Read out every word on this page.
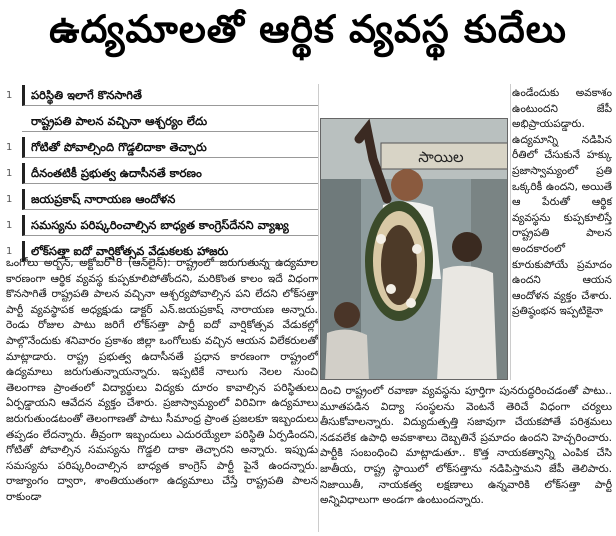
ఉద్యమాలతో ఆర్థిక వ్యవస్థ కుదేలు
1	పరిస్థితి ఇలాగే కొనసాగితే
రాష్ట్రపతి పాలన వచ్చినా ఆశ్చర్యం లేదు
1	గోటితో పోవాల్సింది గొడ్డలిదాకా తెచ్చారు
1	దీనంతటికీ ప్రభుత్వ ఉదాసీనతే కారణం
1	జయప్రకాష్ నారాయణ ఆందోళన
1	సమస్యను పరిష్కరించాల్సిన బాధ్యత కాంగ్రెస్‌దేనని వ్యాఖ్య
1	లోక్‌సత్తా ఐదో వార్షికోత్సవ వేడుకలకు హాజరు

ఒంగోలు అర్బన్, అక్టోబర్ 8 (ఆన్‌లైన్): రాష్ట్రంలో జరుగుతున్న ఉద్యమాల కారణంగా ఆర్థిక వ్యవస్థ కుప్పకూలిపోతోందని, మరికొంత కాలం ఇదే విధంగా కొనసాగితే రాష్ట్రపతి పాలన వచ్చినా ఆశ్చర్యపోవాల్సిన పని లేదని లోక్‌సత్తా పార్టీ వ్యవస్థాపక అధ్యక్షుడు డాక్టర్ ఎన్.జయప్రకాష్ నారాయణ అన్నారు. రెండు రోజుల పాటు జరిగే లోక్‌సత్తా పార్టీ ఐదో వార్షికోత్సవ వేడుకల్లో పాల్గొనేందుకు శనివారం ప్రకాశం జిల్లా ఒంగోలుకు వచ్చిన ఆయన విలేకరులతో మాట్లాడారు. రాష్ట్ర ప్రభుత్వ ఉదాసీనతే ప్రధాన కారణంగా రాష్ట్రంలో ఉద్యమాలు జరుగుతున్నాయన్నారు. ఇప్పటికే నాలుగు నెలల నుంచి తెలంగాణ ప్రాంతంలో విద్యార్థులు విద్యకు దూరం కావాల్సిన పరిస్థితులు ఏర్పడ్డాయని ఆవేదన వ్యక్తం చేశారు. ప్రజాస్వామ్యంలో విరివిగా ఉద్యమాలు జరుగుతుండటంతో తెలంగాణతో పాటు సీమాంధ్ర ప్రాంత ప్రజలకూ ఇబ్బందులు తప్పడం లేదన్నారు. తీవ్రంగా ఇబ్బందులు ఎదురయ్యేలా పరిస్థితి ఏర్పడిందని, గోటితో పోవాల్సిన సమస్యను గొడ్డలి దాకా తెచ్చారని అన్నారు. ఇప్పుడు సమస్యను పరిష్కరించాల్సిన బాధ్యత కాంగ్రెస్ పార్టీ పైనే ఉందన్నారు. రాజ్యాంగం ద్వారా, శాంతియుతంగా ఉద్యమాలు చేస్తే రాష్ట్రపతి పాలన రాకుండా

సాయిల

ఉండేందుకు అవకాశం ఉంటుందని జేపీ అభిప్రాయపడ్డారు. ఉద్యమాన్ని నడిపిన రీతిలో చేసుకునే హక్కు ప్రజాస్వామ్యంలో ప్రతి ఒక్కరికీ ఉందని, అయితే ఆ పేరుతో ఆర్థిక వ్యవస్థను కుప్పకూలిస్తే రాష్ట్రపతి పాలన అందకారంలో కూరుకుపోయే ప్రమాదం ఉందని ఆయన ఆందోళన వ్యక్తం చేశారు. ప్రతిష్ఠంభన ఇప్పటికైనా

దించి రాష్ట్రంలో రవాణా వ్యవస్థను పూర్తిగా పునరుద్ధరించడంతో పాటు.. మూతపడిన విద్యా సంస్థలను వెంటనే తెరిచే విధంగా చర్యలు తీసుకోవాలన్నారు. విద్యుదుత్పత్తి సజావుగా చేయకపోతే పరిశ్రమలు నడవలేక ఉపాధి అవకాశాలు దెబ్బతినే ప్రమాదం ఉందని హెచ్చరించారు. పార్టీకి సంబంధించి మాట్లాడుతూ.. కొత్త నాయకత్వాన్ని ఎంపిక చేసి జాతీయ, రాష్ట్ర స్థాయిలో లోక్‌సత్తాను నడిపిస్తామని జేపీ తెలిపారు. నిజాయితీ, నాయకత్వ లక్షణాలు ఉన్నవారికి లోక్‌సత్తా పార్టీ అన్నివిధాలుగా అండగా ఉంటుందన్నారు.
